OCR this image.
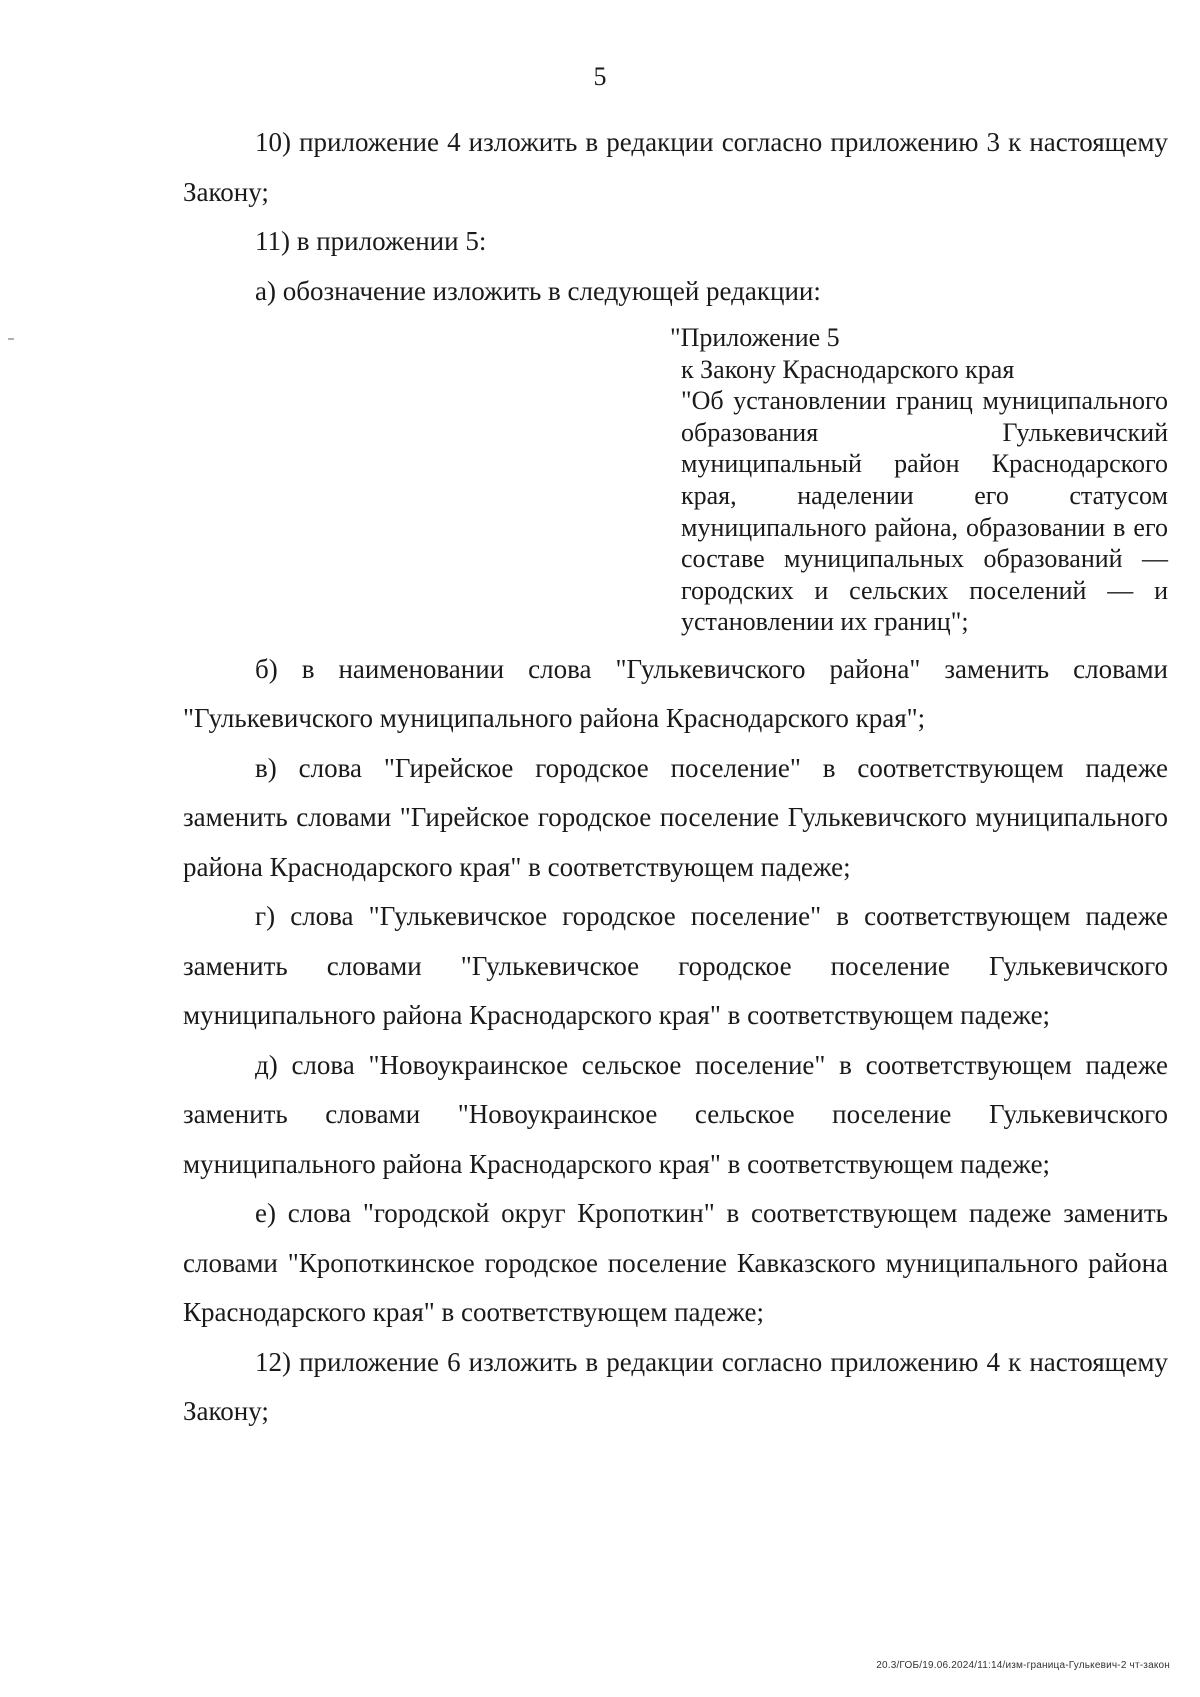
5

10) приложение 4 изложить в редакции согласно приложению 3 к настоящему Закону;

11) в приложении 5:

а) обозначение изложить в следующей редакции:

"Приложение 5

к Закону Краснодарского края

"Об установлении границ муниципального образования Гулькевичский муниципальный район Краснодарского края, наделении его статусом муниципального района, образовании в его составе муниципальных образований — городских и сельских поселений — и установлении их границ";

б) в наименовании слова "Гулькевичского района" заменить словами "Гулькевичского муниципального района Краснодарского края";

в) слова "Гирейское городское поселение" в соответствующем падеже заменить словами "Гирейское городское поселение Гулькевичского муниципального района Краснодарского края" в соответствующем падеже;

г) слова "Гулькевичское городское поселение" в соответствующем падеже заменить словами "Гулькевичское городское поселение Гулькевичского муниципального района Краснодарского края" в соответствующем падеже;

д) слова "Новоукраинское сельское поселение" в соответствующем падеже заменить словами "Новоукраинское сельское поселение Гулькевичского муниципального района Краснодарского края" в соответствующем падеже;

е) слова "городской округ Кропоткин" в соответствующем падеже заменить словами "Кропоткинское городское поселение Кавказского муниципального района Краснодарского края" в соответствующем падеже;

12) приложение 6 изложить в редакции согласно приложению 4 к настоящему Закону;

20.3/ГОБ/19.06.2024/11:14/изм-граница-Гулькевич-2 чт-закон
